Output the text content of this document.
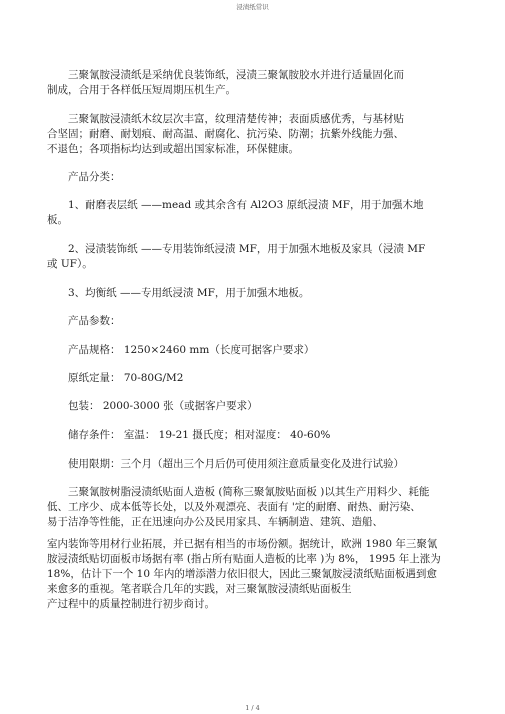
浸渍纸常识

三聚氰胺浸渍纸是采纳优良装饰纸，浸渍三聚氰胺胶水并进行适量固化而
制成，合用于各样低压短周期压机生产。

三聚氰胺浸渍纸木纹层次丰富，纹理清楚传神；表面质感优秀，与基材贴
合坚固；耐磨、耐划痕、耐高温、耐腐化、抗污染、防潮；抗紫外线能力强、
不退色；各项指标均达到或超出国家标准，环保健康。

产品分类：

1、耐磨表层纸 ——mead 或其余含有 Al2O3 原纸浸渍 MF，用于加强木地
板。

2、浸渍装饰纸 ——专用装饰纸浸渍 MF，用于加强木地板及家具（浸渍 MF
或 UF）。

3、均衡纸 ——专用纸浸渍 MF，用于加强木地板。

产品参数：

产品规格： 1250×2460 mm（长度可据客户要求）

原纸定量： 70-80G/M2

包装： 2000-3000 张（或据客户要求）

储存条件： 室温： 19-21 摄氏度；相对湿度： 40-60%

使用限期：三个月（超出三个月后仍可使用须注意质量变化及进行试验）

三聚氰胺树脂浸渍纸贴面人造板 (简称三聚氰胺贴面板 )以其生产用料少、耗能
低、工序少、成本低等长处，以及外观漂亮、表面有 '定的耐磨、耐热、耐污染、
易于洁净等性能，正在迅速向办公及民用家具、车辆制造、建筑、造船、

室内装饰等用材行业拓展，并已据有相当的市场份额。据统计，欧洲 1980 年三聚氰
胺浸渍纸贴切面板市场据有率 (指占所有贴面人造板的比率 )为 8%， 1995 年上涨为
18%，估计下一个 10 年内的增添潜力依旧很大，因此三聚氰胺浸渍纸贴面板遇到愈
来愈多的重视。笔者联合几年的实践，对三聚氰胺浸渍纸贴面板生
产过程中的质量控制进行初步商讨。

1 / 4
